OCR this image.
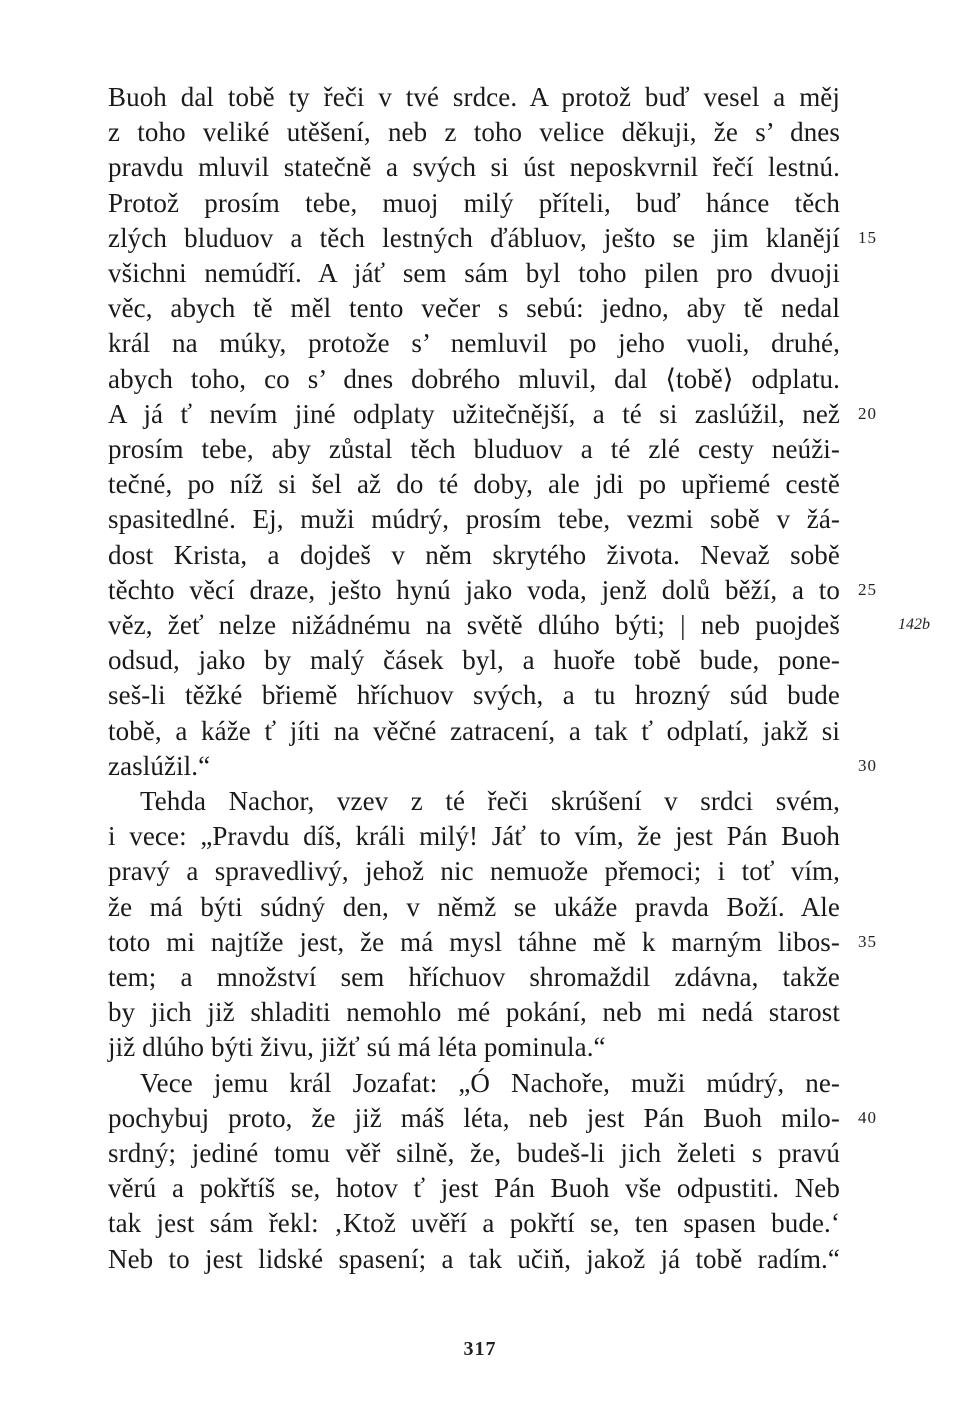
Buoh dal tobě ty řeči v tvé srdce. A protož buď vesel a měj
z toho veliké utěšení, neb z toho velice děkuji, že s’ dnes
pravdu mluvil statečně a svých si úst neposkvrnil řečí lestnú.
Protož prosím tebe, muoj milý příteli, buď hánce těch
zlých bluduov a těch lestných ďábluov, ješto se jim klanějí
všichni nemúdří. A jáť sem sám byl toho pilen pro dvuoji
věc, abych tě měl tento večer s sebú: jedno, aby tě nedal
král na múky, protože s’ nemluvil po jeho vuoli, druhé,
abych toho, co s’ dnes dobrého mluvil, dal ⟨tobě⟩ odplatu.
A já ť nevím jiné odplaty užitečnější, a té si zaslúžil, než
prosím tebe, aby zůstal těch bluduov a té zlé cesty neúži-
tečné, po níž si šel až do té doby, ale jdi po upřiemé cestě
spasitedlné. Ej, muži múdrý, prosím tebe, vezmi sobě v žá-
dost Krista, a dojdeš v něm skrytého života. Nevaž sobě
těchto věcí draze, ješto hynú jako voda, jenž dolů běží, a to
věz, žeť nelze nižádnému na světě dlúho býti; | neb puojdeš
odsud, jako by malý čásek byl, a huoře tobě bude, pone-
seš-li těžké břiemě hříchuov svých, a tu hrozný súd bude
tobě, a káže ť jíti na věčné zatracení, a tak ť odplatí, jakž si
zaslúžil.“
Tehda Nachor, vzev z té řeči skrúšení v srdci svém,
i vece: „Pravdu díš, králi milý! Jáť to vím, že jest Pán Buoh
pravý a spravedlivý, jehož nic nemuože přemoci; i toť vím,
že má býti súdný den, v němž se ukáže pravda Boží. Ale
toto mi najtíže jest, že má mysl táhne mě k marným libos-
tem; a množství sem hříchuov shromaždil zdávna, takže
by jich již shladiti nemohlo mé pokání, neb mi nedá starost
již dlúho býti živu, jižť sú má léta pominula.“
Vece jemu král Jozafat: „Ó Nachoře, muži múdrý, ne-
pochybuj proto, že již máš léta, neb jest Pán Buoh milo-
srdný; jediné tomu věř silně, že, budeš-li jich želeti s pravú
věrú a pokřtíš se, hotov ť jest Pán Buoh vše odpustiti. Neb
tak jest sám řekl: ‚Ktož uvěří a pokřtí se, ten spasen bude.‘
Neb to jest lidské spasení; a tak učiň, jakož já tobě radím.“
15
20
25
30
35
40
142b
317
